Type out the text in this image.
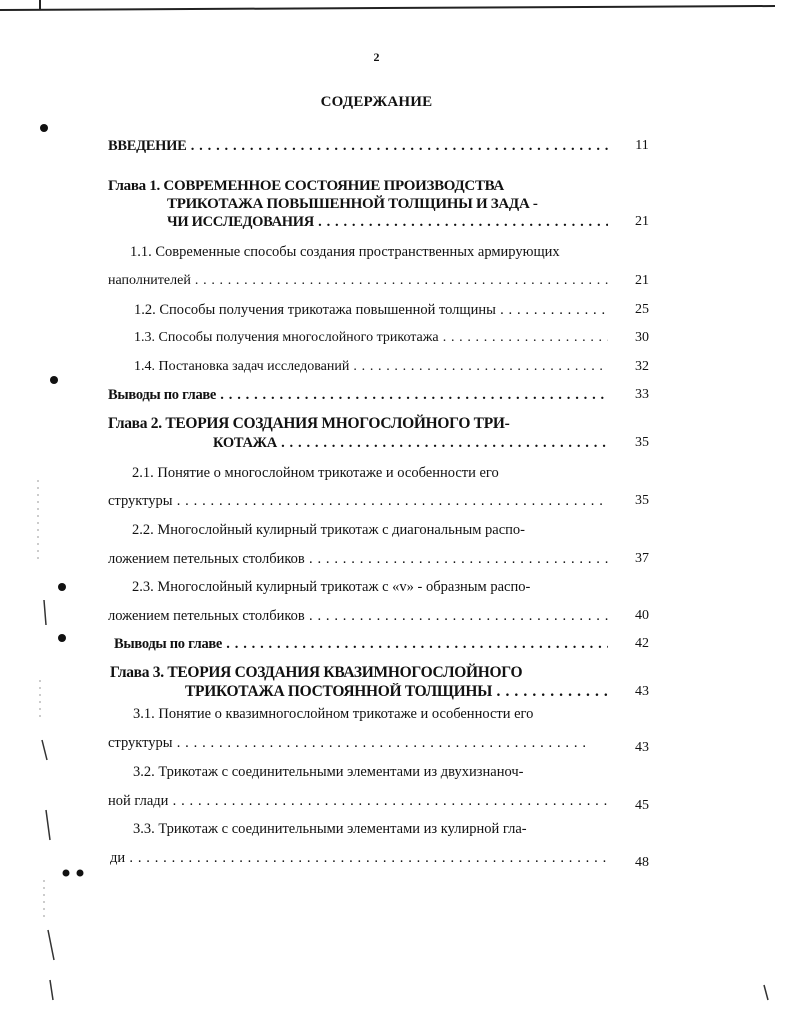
2
СОДЕРЖАНИЕ
ВВЕДЕНИЕ . . .	11
Глава 1. СОВРЕМЕННОЕ СОСТОЯНИЕ ПРОИЗВОДСТВА
ТРИКОТАЖА ПОВЫШЕННОЙ ТОЛЩИНЫ И ЗАДА -
ЧИ ИССЛЕДОВАНИЯ . . .	21
1.1. Современные способы создания пространственных армирующих
наполнителей . . .	21
1.2. Способы получения трикотажа повышенной толщины . . .	25
1.3. Способы получения многослойного трикотажа . . .	30
1.4. Постановка задач исследований . . .	32
Выводы по главе . . .	33
Глава 2. ТЕОРИЯ СОЗДАНИЯ МНОГОСЛОЙНОГО ТРИ-
КОТАЖА . . .	35
2.1. Понятие о многослойном трикотаже и особенности его
структуры . . .	35
2.2. Многослойный кулирный трикотаж с диагональным распо-
ложением петельных столбиков . . .	37
2.3. Многослойный кулирный трикотаж с «v» - образным распо-
ложением петельных столбиков . . .	40
Выводы по главе . . .	42
Глава 3. ТЕОРИЯ СОЗДАНИЯ КВАЗИМНОГОСЛОЙНОГО
ТРИКОТАЖА ПОСТОЯННОЙ ТОЛЩИНЫ . . .	43
3.1. Понятие о квазимногослойном трикотаже и особенности его
структуры . . .	43
3.2. Трикотаж с соединительными элементами из двухизнаноч-
ной глади . . .	45
3.3. Трикотаж с соединительными элементами из кулирной гла-
ди . . .	48
